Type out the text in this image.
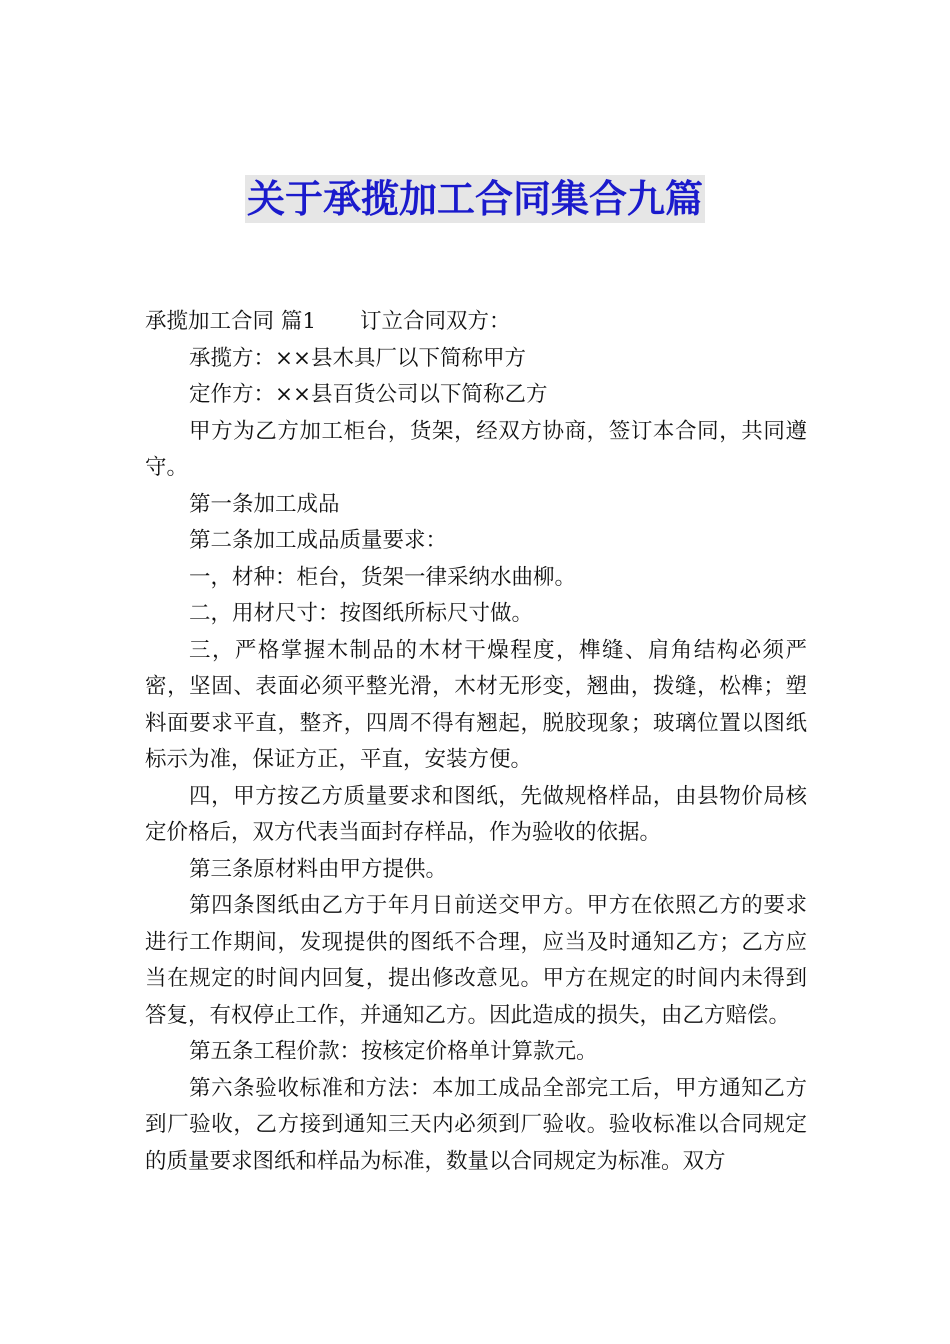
关于承揽加工合同集合九篇

承揽加工合同 篇1 订立合同双方：

承揽方：××县木具厂以下简称甲方

定作方：××县百货公司以下简称乙方

甲方为乙方加工柜台，货架，经双方协商，签订本合同，共同遵守。

第一条加工成品

第二条加工成品质量要求：

一，材种：柜台，货架一律采纳水曲柳。

二，用材尺寸：按图纸所标尺寸做。

三，严格掌握木制品的木材干燥程度，榫缝、肩角结构必须严密，坚固、表面必须平整光滑，木材无形变，翘曲，拨缝，松榫；塑料面要求平直，整齐，四周不得有翘起，脱胶现象；玻璃位置以图纸标示为准，保证方正，平直，安装方便。

四，甲方按乙方质量要求和图纸，先做规格样品，由县物价局核定价格后，双方代表当面封存样品，作为验收的依据。

第三条原材料由甲方提供。

第四条图纸由乙方于年月日前送交甲方。甲方在依照乙方的要求进行工作期间，发现提供的图纸不合理，应当及时通知乙方；乙方应当在规定的时间内回复，提出修改意见。甲方在规定的时间内未得到答复，有权停止工作，并通知乙方。因此造成的损失，由乙方赔偿。

第五条工程价款：按核定价格单计算款元。

第六条验收标准和方法：本加工成品全部完工后，甲方通知乙方到厂验收，乙方接到通知三天内必须到厂验收。验收标准以合同规定的质量要求图纸和样品为标准，数量以合同规定为标准。双方
